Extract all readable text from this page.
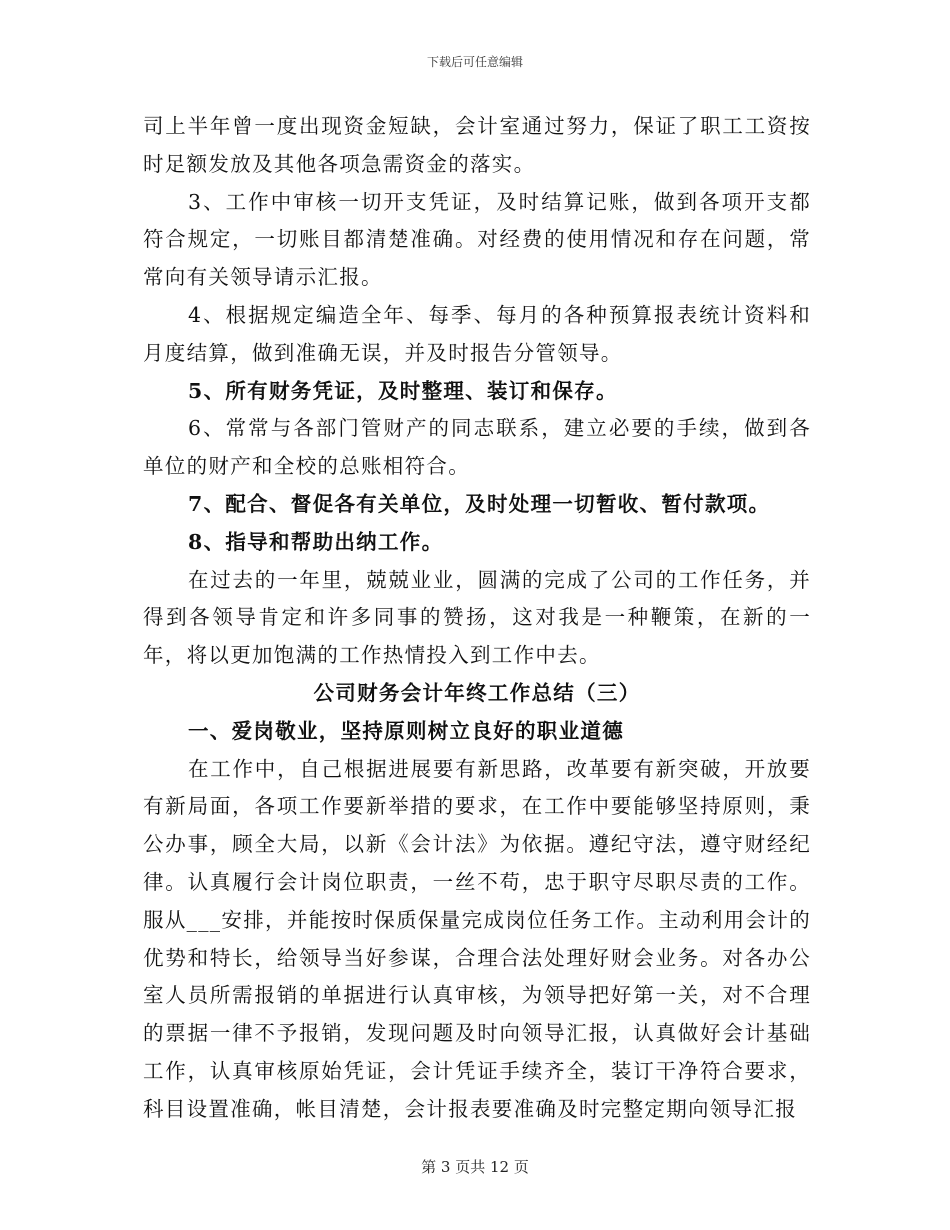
下载后可任意编辑

司上半年曾一度出现资金短缺，会计室通过努力，保证了职工工资按时足额发放及其他各项急需资金的落实。

3、工作中审核一切开支凭证，及时结算记账，做到各项开支都符合规定，一切账目都清楚准确。对经费的使用情况和存在问题，常常向有关领导请示汇报。

4、根据规定编造全年、每季、每月的各种预算报表统计资料和月度结算，做到准确无误，并及时报告分管领导。

5、所有财务凭证，及时整理、装订和保存。

6、常常与各部门管财产的同志联系，建立必要的手续，做到各单位的财产和全校的总账相符合。

7、配合、督促各有关单位，及时处理一切暂收、暂付款项。

8、指导和帮助出纳工作。

在过去的一年里，兢兢业业，圆满的完成了公司的工作任务，并得到各领导肯定和许多同事的赞扬，这对我是一种鞭策，在新的一年，将以更加饱满的工作热情投入到工作中去。

公司财务会计年终工作总结（三）

一、爱岗敬业，坚持原则树立良好的职业道德

在工作中，自己根据进展要有新思路，改革要有新突破，开放要有新局面，各项工作要新举措的要求，在工作中要能够坚持原则，秉公办事，顾全大局，以新《会计法》为依据。遵纪守法，遵守财经纪律。认真履行会计岗位职责，一丝不苟，忠于职守尽职尽责的工作。服从___安排，并能按时保质保量完成岗位任务工作。主动利用会计的优势和特长，给领导当好参谋，合理合法处理好财会业务。对各办公室人员所需报销的单据进行认真审核，为领导把好第一关，对不合理的票据一律不予报销，发现问题及时向领导汇报，认真做好会计基础工作，认真审核原始凭证，会计凭证手续齐全，装订干净符合要求，科目设置准确，帐目清楚，会计报表要准确及时完整定期向领导汇报

第 3 页共 12 页
